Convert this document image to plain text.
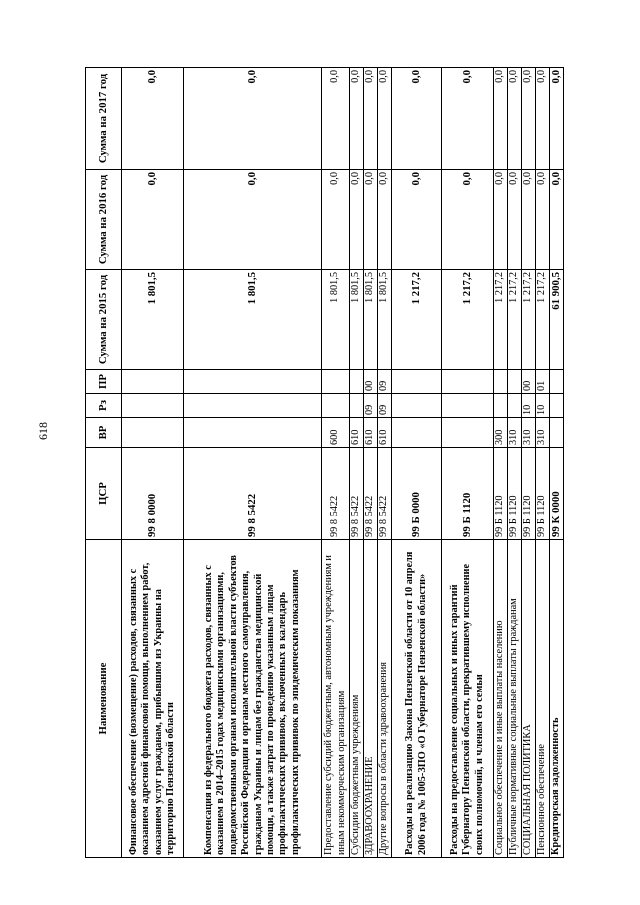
618
Наименование	ЦСР	ВР	Рз	ПР	Сумма на 2015 год	Сумма на 2016 год	Сумма на 2017 год
Финансовое обеспечение (возмещение) расходов, связанных с оказанием адресной финансовой помощи, выполнением работ, оказанием услуг гражданам, прибывшим из Украины на территорию Пензенской области	99 8 0000				1 801,5	0,0	0,0
Компенсация из федерального бюджета расходов, связанных с оказанием в 2014–2015 годах медицинскими организациями, подведомственными органам исполнительной власти субъектов Российской Федерации и органам местного самоуправления, гражданам Украины и лицам без гражданства медицинской помощи, а также затрат по проведению указанным лицам профилактических прививок, включенных в календарь профилактических прививок по эпидемическим показаниям	99 8 5422				1 801,5	0,0	0,0
Предоставление субсидий бюджетным, автономным учреждениям и иным некоммерческим организациям	99 8 5422	600			1 801,5	0,0	0,0
Субсидии бюджетным учреждениям	99 8 5422	610			1 801,5	0,0	0,0
ЗДРАВООХРАНЕНИЕ	99 8 5422	610	09	00	1 801,5	0,0	0,0
Другие вопросы в области здравоохранения	99 8 5422	610	09	09	1 801,5	0,0	0,0
Расходы на реализацию Закона Пензенской области от 10 апреля 2006 года № 1005-ЗПО «О Губернаторе Пензенской области»	99 Б 0000				1 217,2	0,0	0,0
Расходы на предоставление социальных и иных гарантий Губернатору Пензенской области, прекратившему исполнение своих полномочий, и членам его семьи	99 Б 1120				1 217,2	0,0	0,0
Социальное обеспечение и иные выплаты населению	99 Б 1120	300			1 217,2	0,0	0,0
Публичные нормативные социальные выплаты гражданам	99 Б 1120	310			1 217,2	0,0	0,0
СОЦИАЛЬНАЯ ПОЛИТИКА	99 Б 1120	310	10	00	1 217,2	0,0	0,0
Пенсионное обеспечение	99 Б 1120	310	10	01	1 217,2	0,0	0,0
Кредиторская задолженность	99 К 0000				61 900,5	0,0	0,0
